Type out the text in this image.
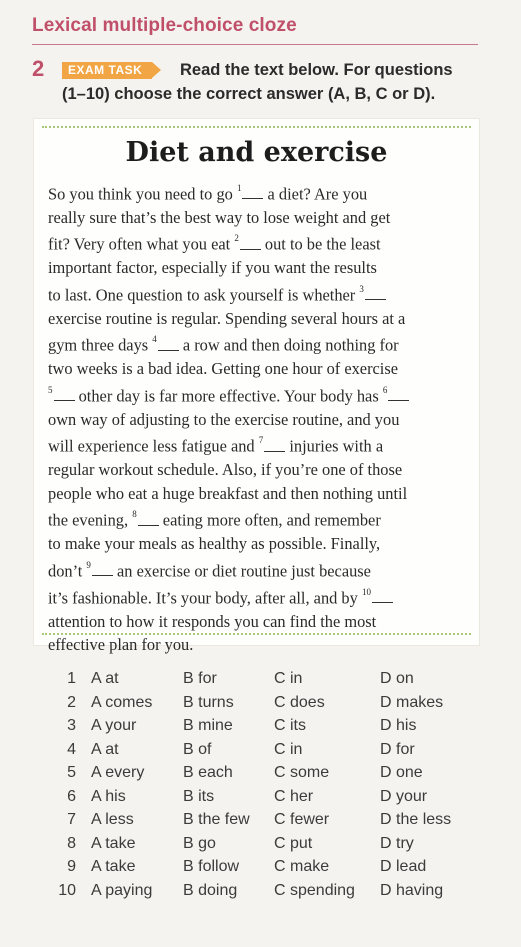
Lexical multiple-choice cloze
2	EXAM TASK	Read the text below. For questions
(1–10) choose the correct answer (A, B, C or D).
Diet and exercise
So you think you need to go $^1$ a diet? Are you
really sure that’s the best way to lose weight and get
fit? Very often what you eat $^2$ out to be the least
important factor, especially if you want the results
to last. One question to ask yourself is whether $^3$
exercise routine is regular. Spending several hours at a
gym three days $^4$ a row and then doing nothing for
two weeks is a bad idea. Getting one hour of exercise
$^5$ other day is far more effective. Your body has $^6$
own way of adjusting to the exercise routine, and you
will experience less fatigue and $^7$ injuries with a
regular workout schedule. Also, if you’re one of those
people who eat a huge breakfast and then nothing until
the evening, $^8$ eating more often, and remember
to make your meals as healthy as possible. Finally,
don’t $^9$ an exercise or diet routine just because
it’s fashionable. It’s your body, after all, and by $^{10}$
attention to how it responds you can find the most
effective plan for you.
1 A at	B for	C in	D on
2 A comes B turns	C does	D makes
3 A your	B mine	C its	D his
4 A at	B of	C in	D for
5 A every B each	C some	D one
6 A his	B its	C her	D your
7 A less	B the few C fewer	D the less
8 A take	B go	C put	D try
9 A take	B follow C make	D lead
10 A paying B doing C spending D having
